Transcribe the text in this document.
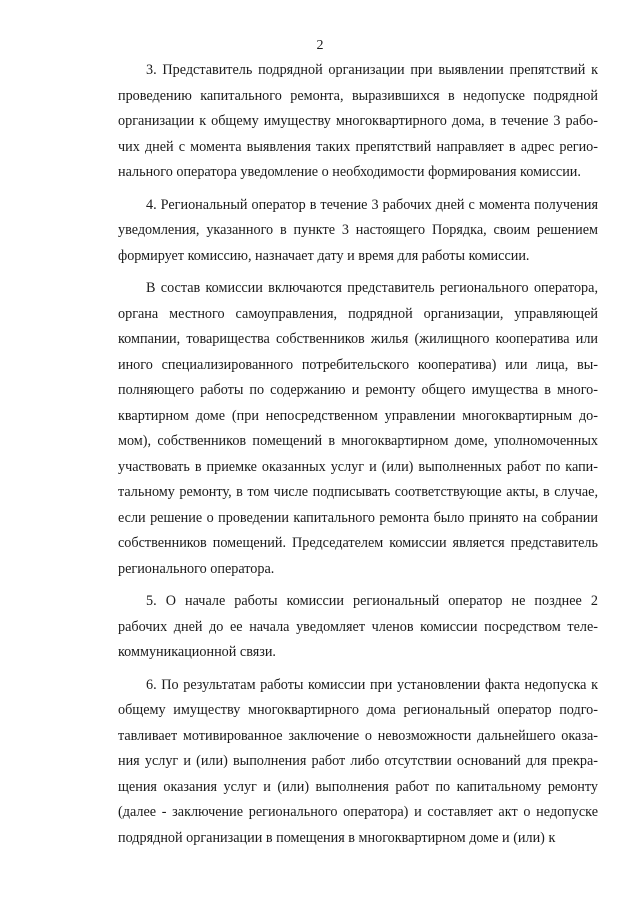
2

3. Представитель подрядной организации при выявлении препятствий к проведению капитального ремонта, выразившихся в недопуске подрядной организации к общему имуществу многоквартирного дома, в течение 3 рабочих дней с момента выявления таких препятствий направляет в адрес регионального оператора уведомление о необходимости формирования комиссии.

4. Региональный оператор в течение 3 рабочих дней с момента получения уведомления, указанного в пункте 3 настоящего Порядка, своим решением формирует комиссию, назначает дату и время для работы комиссии.

В состав комиссии включаются представитель регионального оператора, органа местного самоуправления, подрядной организации, управляющей компании, товарищества собственников жилья (жилищного кооператива или иного специализированного потребительского кооператива) или лица, выполняющего работы по содержанию и ремонту общего имущества в многоквартирном доме (при непосредственном управлении многоквартирным домом), собственников помещений в многоквартирном доме, уполномоченных участвовать в приемке оказанных услуг и (или) выполненных работ по капитальному ремонту, в том числе подписывать соответствующие акты, в случае, если решение о проведении капитального ремонта было принято на собрании собственников помещений. Председателем комиссии является представитель регионального оператора.

5. О начале работы комиссии региональный оператор не позднее 2 рабочих дней до ее начала уведомляет членов комиссии посредством телекоммуникационной связи.

6. По результатам работы комиссии при установлении факта недопуска к общему имуществу многоквартирного дома региональный оператор подготавливает мотивированное заключение о невозможности дальнейшего оказания услуг и (или) выполнения работ либо отсутствии оснований для прекращения оказания услуг и (или) выполнения работ по капитальному ремонту (далее - заключение регионального оператора) и составляет акт о недопуске подрядной организации в помещения в многоквартирном доме и (или) к
